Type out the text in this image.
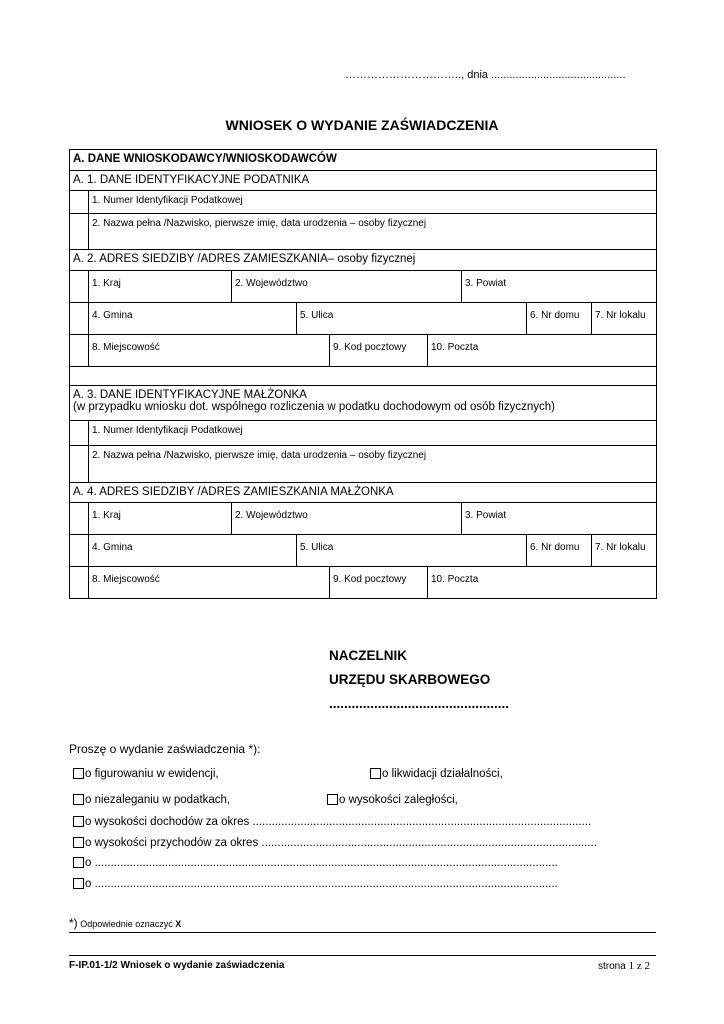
………………………….., dnia ............................................
WNIOSEK O WYDANIE ZAŚWIADCZENIA
A. DANE WNIOSKODAWCY/WNIOSKODAWCÓW								
A. 1. DANE IDENTYFIKACYJNE PODATNIKA								
	1. Numer Identyfikacji Podatkowej							
	2. Nazwa pełna /Nazwisko, pierwsze imię, data urodzenia – osoby fizycznej							
A. 2. ADRES SIEDZIBY /ADRES ZAMIESZKANIA– osoby fizycznej								
	1. Kraj	2. Województwo				3. Powiat		
	4. Gmina		5. Ulica				6. Nr domu	7. Nr lokalu
	8. Miejscowość			9. Kod pocztowy	10. Poczta			

A. 3. DANE IDENTYFIKACYJNE MAŁŻONKA
(w przypadku wniosku dot. wspólnego rozliczenia w podatku dochodowym od osób fizycznych)								

	1. Numer Identyfikacji Podatkowej							
	2. Nazwa pełna /Nazwisko, pierwsze imię, data urodzenia – osoby fizycznej							
A. 4. ADRES SIEDZIBY /ADRES ZAMIESZKANIA MAŁŻONKA								
	1. Kraj	2. Województwo				3. Powiat		
	4. Gmina		5. Ulica				6. Nr domu	7. Nr lokalu
	8. Miejscowość			9. Kod pocztowy	10. Poczta			
NACZELNIK
URZĘDU SKARBOWEGO
................................................
Proszę o wydanie zaświadczenia *):
o figurowaniu w ewidencji,	o likwidacji działalności,
o niezaleganiu w podatkach,	o wysokości zaległości,
o wysokości dochodów za okres ..........................................................................................................
o wysokości przychodów za okres .........................................................................................................
o .................................................................................................................................................
o .................................................................................................................................................
*) Odpowiednie oznaczyć X
F-IP.01-1/2 Wniosek o wydanie zaświadczenia	strona 1 z 2
